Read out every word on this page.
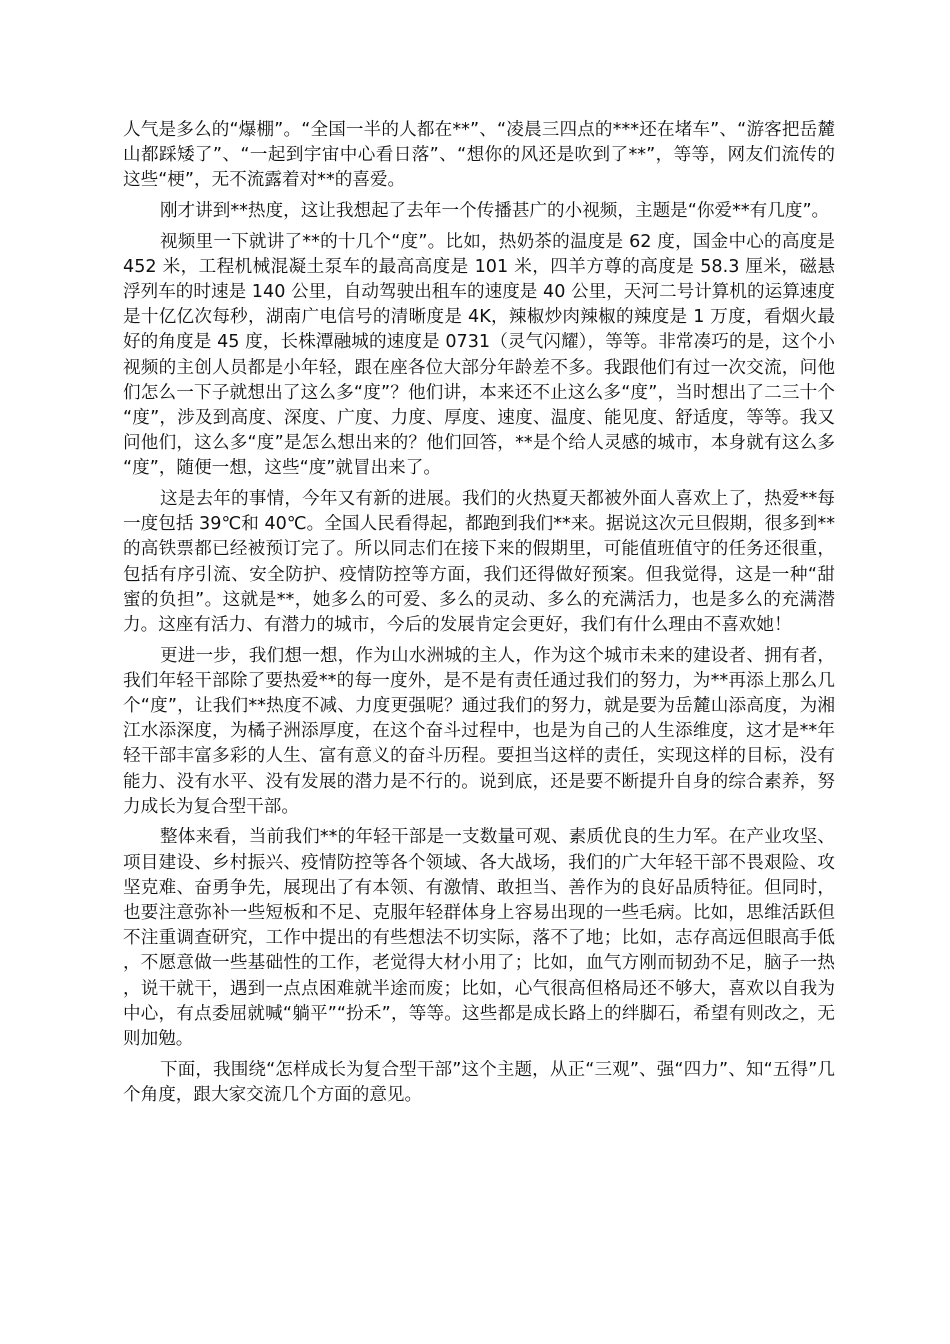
人气是多么的“爆棚”。“全国一半的人都在**”、“凌晨三四点的***还在堵车”、“游客把岳麓山都踩矮了”、“一起到宇宙中心看日落”、“想你的风还是吹到了**”，等等，网友们流传的这些“梗”，无不流露着对**的喜爱。

刚才讲到**热度，这让我想起了去年一个传播甚广的小视频，主题是“你爱**有几度”。

视频里一下就讲了**的十几个“度”。比如，热奶茶的温度是 62 度，国金中心的高度是 452 米，工程机械混凝土泵车的最高高度是 101 米，四羊方尊的高度是 58.3 厘米，磁悬浮列车的时速是 140 公里，自动驾驶出租车的速度是 40 公里，天河二号计算机的运算速度是十亿亿次每秒，湖南广电信号的清晰度是 4K，辣椒炒肉辣椒的辣度是 1 万度，看烟火最好的角度是 45 度，长株潭融城的速度是 0731（灵气闪耀），等等。非常凑巧的是，这个小视频的主创人员都是小年轻，跟在座各位大部分年龄差不多。我跟他们有过一次交流，问他们怎么一下子就想出了这么多“度”？他们讲，本来还不止这么多“度”，当时想出了二三十个“度”，涉及到高度、深度、广度、力度、厚度、速度、温度、能见度、舒适度，等等。我又问他们，这么多“度”是怎么想出来的？他们回答，**是个给人灵感的城市，本身就有这么多“度”，随便一想，这些“度”就冒出来了。

这是去年的事情，今年又有新的进展。我们的火热夏天都被外面人喜欢上了，热爱**每一度包括 39℃和 40℃。全国人民看得起，都跑到我们**来。据说这次元旦假期，很多到**的高铁票都已经被预订完了。所以同志们在接下来的假期里，可能值班值守的任务还很重，包括有序引流、安全防护、疫情防控等方面，我们还得做好预案。但我觉得，这是一种“甜蜜的负担”。这就是**，她多么的可爱、多么的灵动、多么的充满活力，也是多么的充满潜力。这座有活力、有潜力的城市，今后的发展肯定会更好，我们有什么理由不喜欢她！

更进一步，我们想一想，作为山水洲城的主人，作为这个城市未来的建设者、拥有者，我们年轻干部除了要热爱**的每一度外，是不是有责任通过我们的努力，为**再添上那么几个“度”，让我们**热度不减、力度更强呢？通过我们的努力，就是要为岳麓山添高度，为湘江水添深度，为橘子洲添厚度，在这个奋斗过程中，也是为自己的人生添维度，这才是**年轻干部丰富多彩的人生、富有意义的奋斗历程。要担当这样的责任，实现这样的目标，没有能力、没有水平、没有发展的潜力是不行的。说到底，还是要不断提升自身的综合素养，努力成长为复合型干部。

整体来看，当前我们**的年轻干部是一支数量可观、素质优良的生力军。在产业攻坚、项目建设、乡村振兴、疫情防控等各个领域、各大战场，我们的广大年轻干部不畏艰险、攻坚克难、奋勇争先，展现出了有本领、有激情、敢担当、善作为的良好品质特征。但同时，也要注意弥补一些短板和不足、克服年轻群体身上容易出现的一些毛病。比如，思维活跃但不注重调查研究，工作中提出的有些想法不切实际，落不了地；比如，志存高远但眼高手低，不愿意做一些基础性的工作，老觉得大材小用了；比如，血气方刚而韧劲不足，脑子一热，说干就干，遇到一点点困难就半途而废；比如，心气很高但格局还不够大，喜欢以自我为中心，有点委屈就喊“躺平”“扮禾”，等等。这些都是成长路上的绊脚石，希望有则改之，无则加勉。

下面，我围绕“怎样成长为复合型干部”这个主题，从正“三观”、强“四力”、知“五得”几个角度，跟大家交流几个方面的意见。
